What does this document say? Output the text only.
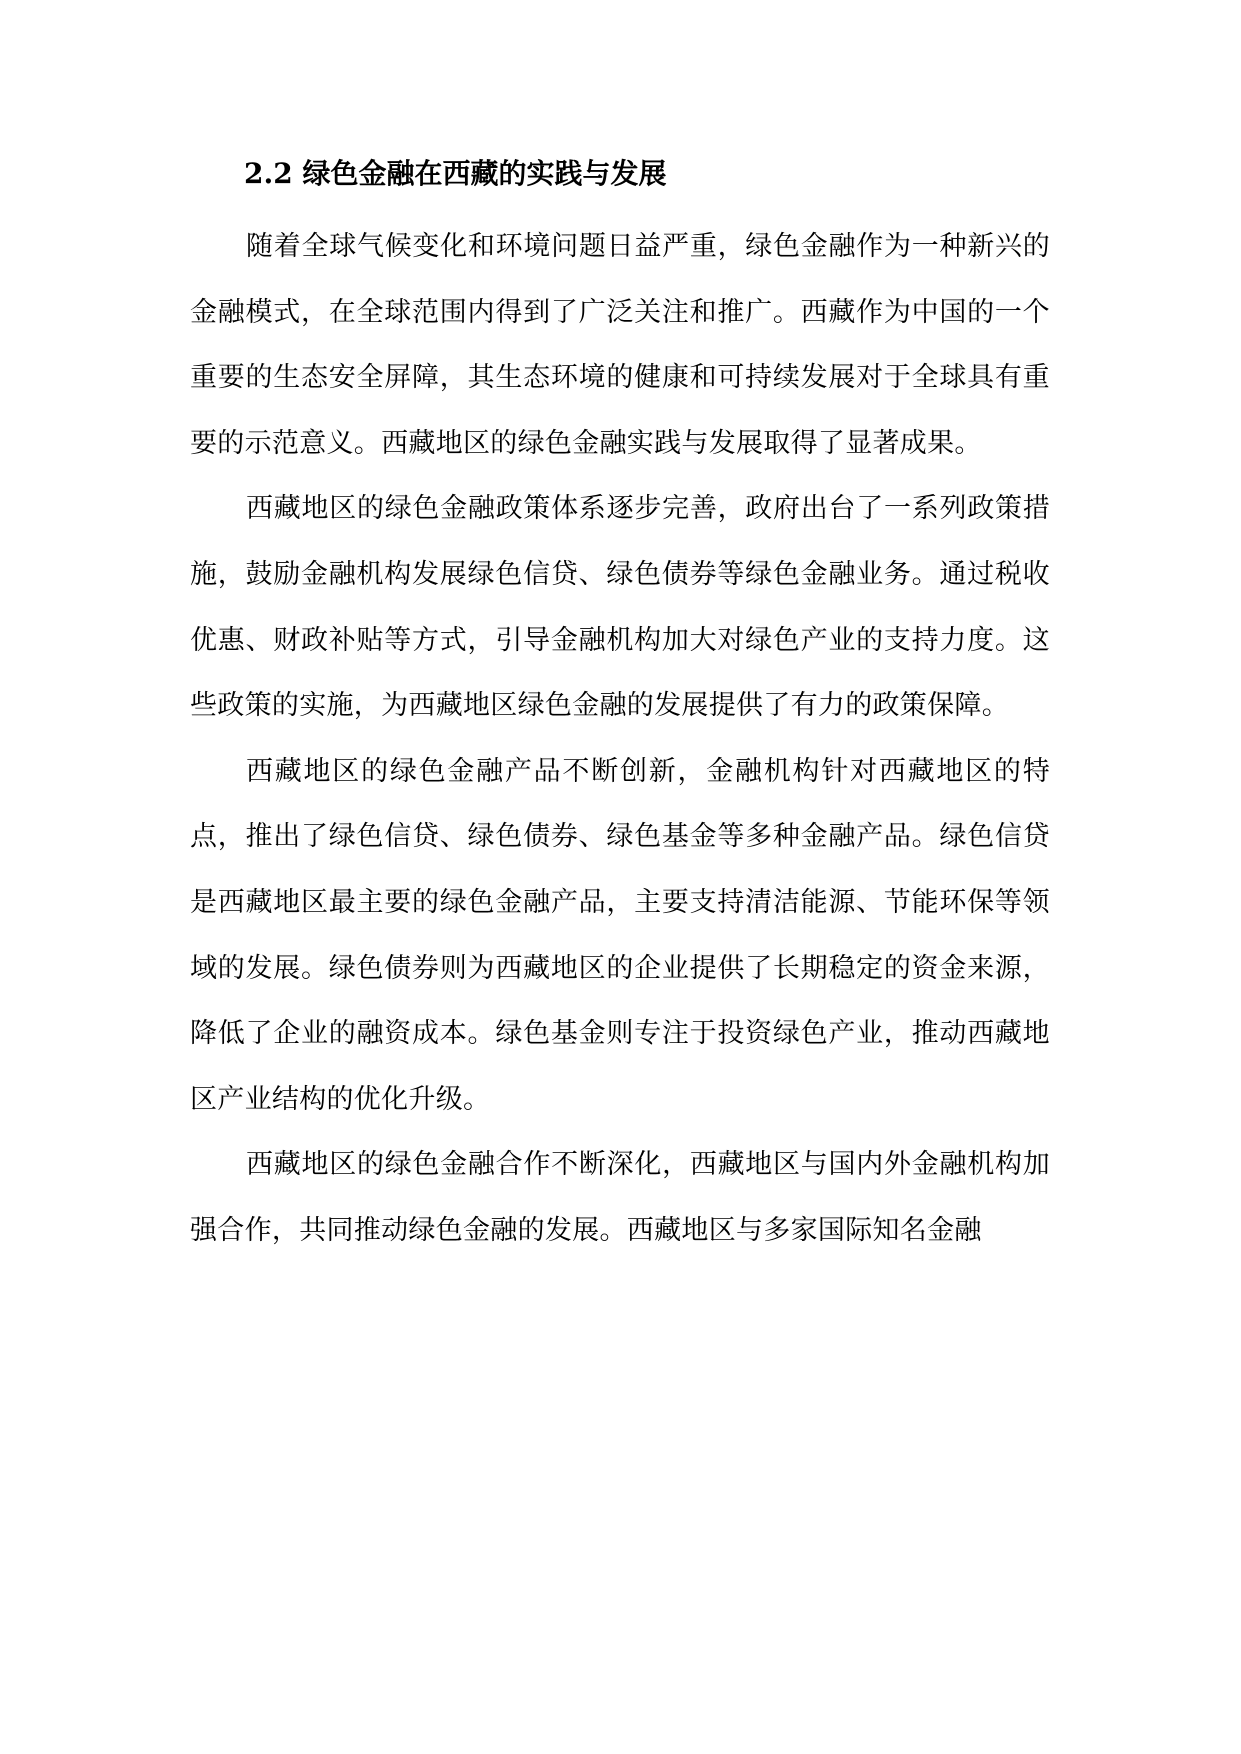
2.2 绿色金融在西藏的实践与发展

随着全球气候变化和环境问题日益严重，绿色金融作为一种新兴的金融模式，在全球范围内得到了广泛关注和推广。西藏作为中国的一个重要的生态安全屏障，其生态环境的健康和可持续发展对于全球具有重要的示范意义。西藏地区的绿色金融实践与发展取得了显著成果。

西藏地区的绿色金融政策体系逐步完善，政府出台了一系列政策措施，鼓励金融机构发展绿色信贷、绿色债券等绿色金融业务。通过税收优惠、财政补贴等方式，引导金融机构加大对绿色产业的支持力度。这些政策的实施，为西藏地区绿色金融的发展提供了有力的政策保障。

西藏地区的绿色金融产品不断创新，金融机构针对西藏地区的特点，推出了绿色信贷、绿色债券、绿色基金等多种金融产品。绿色信贷是西藏地区最主要的绿色金融产品，主要支持清洁能源、节能环保等领域的发展。绿色债券则为西藏地区的企业提供了长期稳定的资金来源，降低了企业的融资成本。绿色基金则专注于投资绿色产业，推动西藏地区产业结构的优化升级。

西藏地区的绿色金融合作不断深化，西藏地区与国内外金融机构加强合作，共同推动绿色金融的发展。西藏地区与多家国际知名金融
